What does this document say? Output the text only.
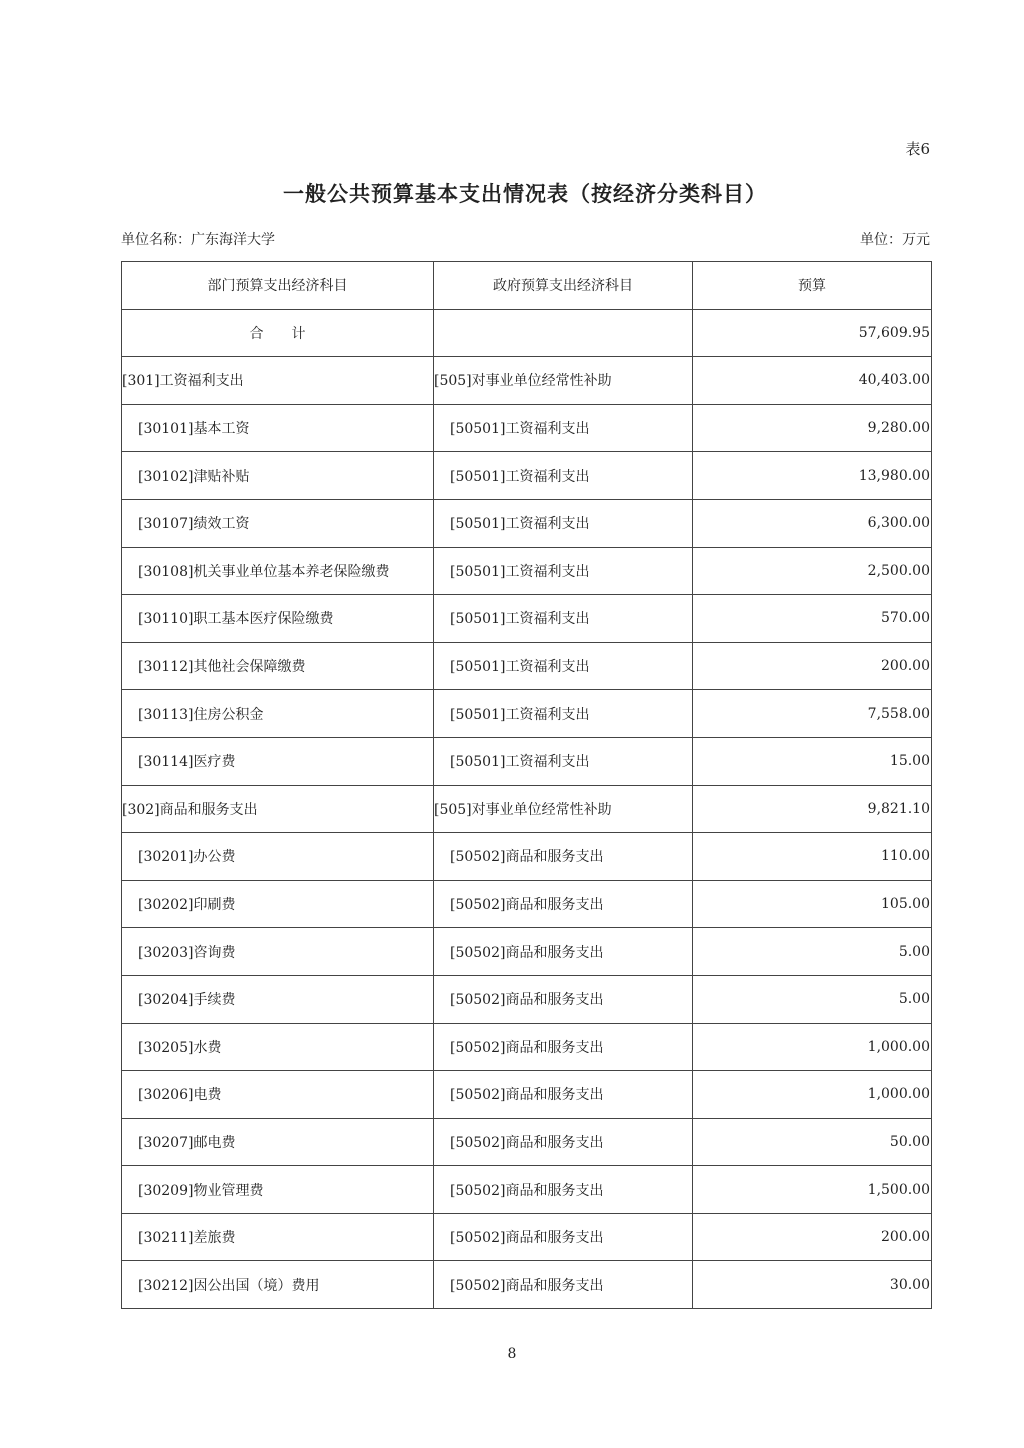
表6
一般公共预算基本支出情况表（按经济分类科目）
单位名称：广东海洋大学	单位：万元
部门预算支出经济科目	政府预算支出经济科目	预算
合　　计		57,609.95
[301]工资福利支出	[505]对事业单位经常性补助	40,403.00
[30101]基本工资	[50501]工资福利支出	9,280.00
[30102]津贴补贴	[50501]工资福利支出	13,980.00
[30107]绩效工资	[50501]工资福利支出	6,300.00
[30108]机关事业单位基本养老保险缴费	[50501]工资福利支出	2,500.00
[30110]职工基本医疗保险缴费	[50501]工资福利支出	570.00
[30112]其他社会保障缴费	[50501]工资福利支出	200.00
[30113]住房公积金	[50501]工资福利支出	7,558.00
[30114]医疗费	[50501]工资福利支出	15.00
[302]商品和服务支出	[505]对事业单位经常性补助	9,821.10
[30201]办公费	[50502]商品和服务支出	110.00
[30202]印刷费	[50502]商品和服务支出	105.00
[30203]咨询费	[50502]商品和服务支出	5.00
[30204]手续费	[50502]商品和服务支出	5.00
[30205]水费	[50502]商品和服务支出	1,000.00
[30206]电费	[50502]商品和服务支出	1,000.00
[30207]邮电费	[50502]商品和服务支出	50.00
[30209]物业管理费	[50502]商品和服务支出	1,500.00
[30211]差旅费	[50502]商品和服务支出	200.00
[30212]因公出国（境）费用	[50502]商品和服务支出	30.00
8
